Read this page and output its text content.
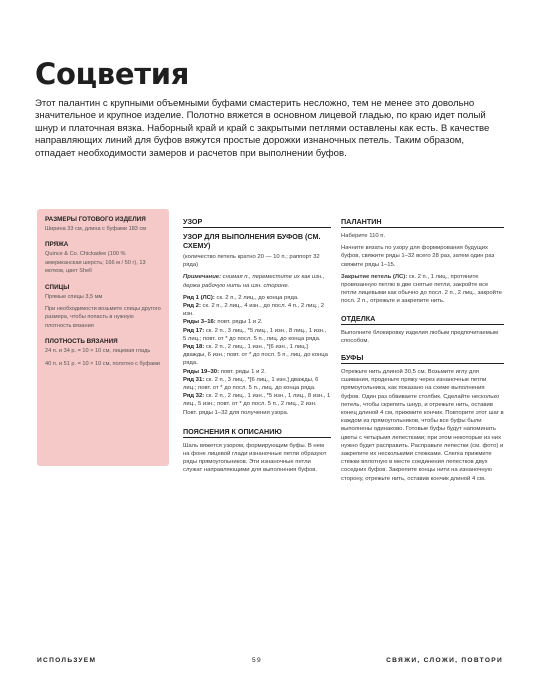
Соцветия
Этот палантин с крупными объемными буфами смастерить несложно, тем не менее это довольно значительное и крупное изделие. Полотно вяжется в основном лицевой гладью, по краю идет полый шнур и платочная вязка. Наборный край и край с закрытыми петлями оставлены как есть. В качестве направляющих линий для буфов вяжутся простые дорожки изнаночных петель. Таким образом, отпадает необходимости замеров и расчетов при выполнении буфов.
РАЗМЕРЫ ГОТОВОГО ИЗДЕЛИЯ
Ширина 33 см, длина с буфами 183 см
ПРЯЖА
Quince & Co. Chickadee (100 % американская шерсть; 166 м / 50 г), 13 мотков, цвет Shell
СПИЦЫ
Прямые спицы 3,5 мм
При необходимости возьмите спицы другого размера, чтобы попасть в нужную плотность вязания
ПЛОТНОСТЬ ВЯЗАНИЯ
24 п. и 34 р. = 10 × 10 см, лицевая гладь
40 п. и 51 р. = 10 × 10 см, полотно с буфами
УЗОР
УЗОР ДЛЯ ВЫПОЛНЕНИЯ БУФОВ (СМ. СХЕМУ)
(количество петель кратно 20 — 10 п.; раппорт 32 ряда)
Примечание: снимая п., переместите их как изн., держа рабочую нить на изн. стороне.
Ряд 1 (ЛС): ск. 2 п., 2 лиц., до конца ряда.
Ряд 2: ск. 2 п., 2 лиц., 4 изн., до посл. 4 п., 2 лиц., 2 изн.
Ряды 3–16: повт. ряды 1 и 2.
Ряд 17: ск. 2 п., 3 лиц., *5 лиц., 1 изн., 8 лиц., 1 изн., 5 лиц.; повт. от * до посл. 5 п., лиц. до конца ряда.
Ряд 18: ск. 2 п., 2 лиц., 1 изн., *[6 изн., 1 лиц.] дважды, 6 изн.; повт. от * до посл. 5 п., лиц. до конца ряда.
Ряды 19–30: повт. ряды 1 и 2.
Ряд 31: ск. 2 п., 3 лиц., *[6 лиц., 1 изн.] дважды, 6 лиц.; повт. от * до посл. 5 п., лиц. до конца ряда.
Ряд 32: ск. 2 п., 2 лиц., 1 изн., *5 изн., 1 лиц., 8 изн., 1 лиц., 5 изн.; повт. от * до посл. 5 п., 2 лиц., 2 изн.
Повт. ряды 1–32 для получения узора.
ПОЯСНЕНИЯ К ОПИСАНИЮ
Шаль вяжется узором, формирующим буфы. В нем на фоне лицевой глади изнаночные петли образуют ряды прямоугольников. Эти изнаночные петли служат направляющими для выполнения буфов.
ПАЛАНТИН
Наберите 110 п.
Начните вязать по узору для формирования будущих буфов, свяжите ряды 1–32 всего 28 раз, затем один раз свяжите ряды 1–15.
Закрытие петель (ЛС): ск. 2 п., 1 лиц., протяните провязанную петлю в две снятые петли, закройте все петли лицевыми как обычно до посл. 2 п., 2 лиц., закройте посл. 2 п., отрежьте и закрепите нить.
ОТДЕЛКА
Выполните блокировку изделия любым предпочитаемым способом.
БУФЫ
Отрежьте нить длиной 30,5 см. Возьмите иглу для сшивания, проденьте пряжу через изнаночные петли прямоугольника, как показано на схеме выполнения буфов. Один раз обвиваете столбик. Сделайте несколько петель, чтобы скрепить шнур, и отрежьте нить, оставив конец длиной 4 см, прижмите кончик. Повторите этот шаг в каждом из прямоугольников, чтобы все буфы были выполнены одинаково. Готовые буфы будут напоминать цветы с четырьмя лепестками; при этом некоторые из них нужно будет расправить. Расправьте лепестки (см. фото) и закрепите их несколькими стежками. Слегка прижмите стежки вплотную в месте соединения лепестков двух соседних буфов. Закрепите концы нити на изнаночную сторону, отрежьте нить, оставив кончик длиной 4 см.
ИСПОЛЬЗУЕМ	59	СВЯЖИ, СЛОЖИ, ПОВТОРИ
